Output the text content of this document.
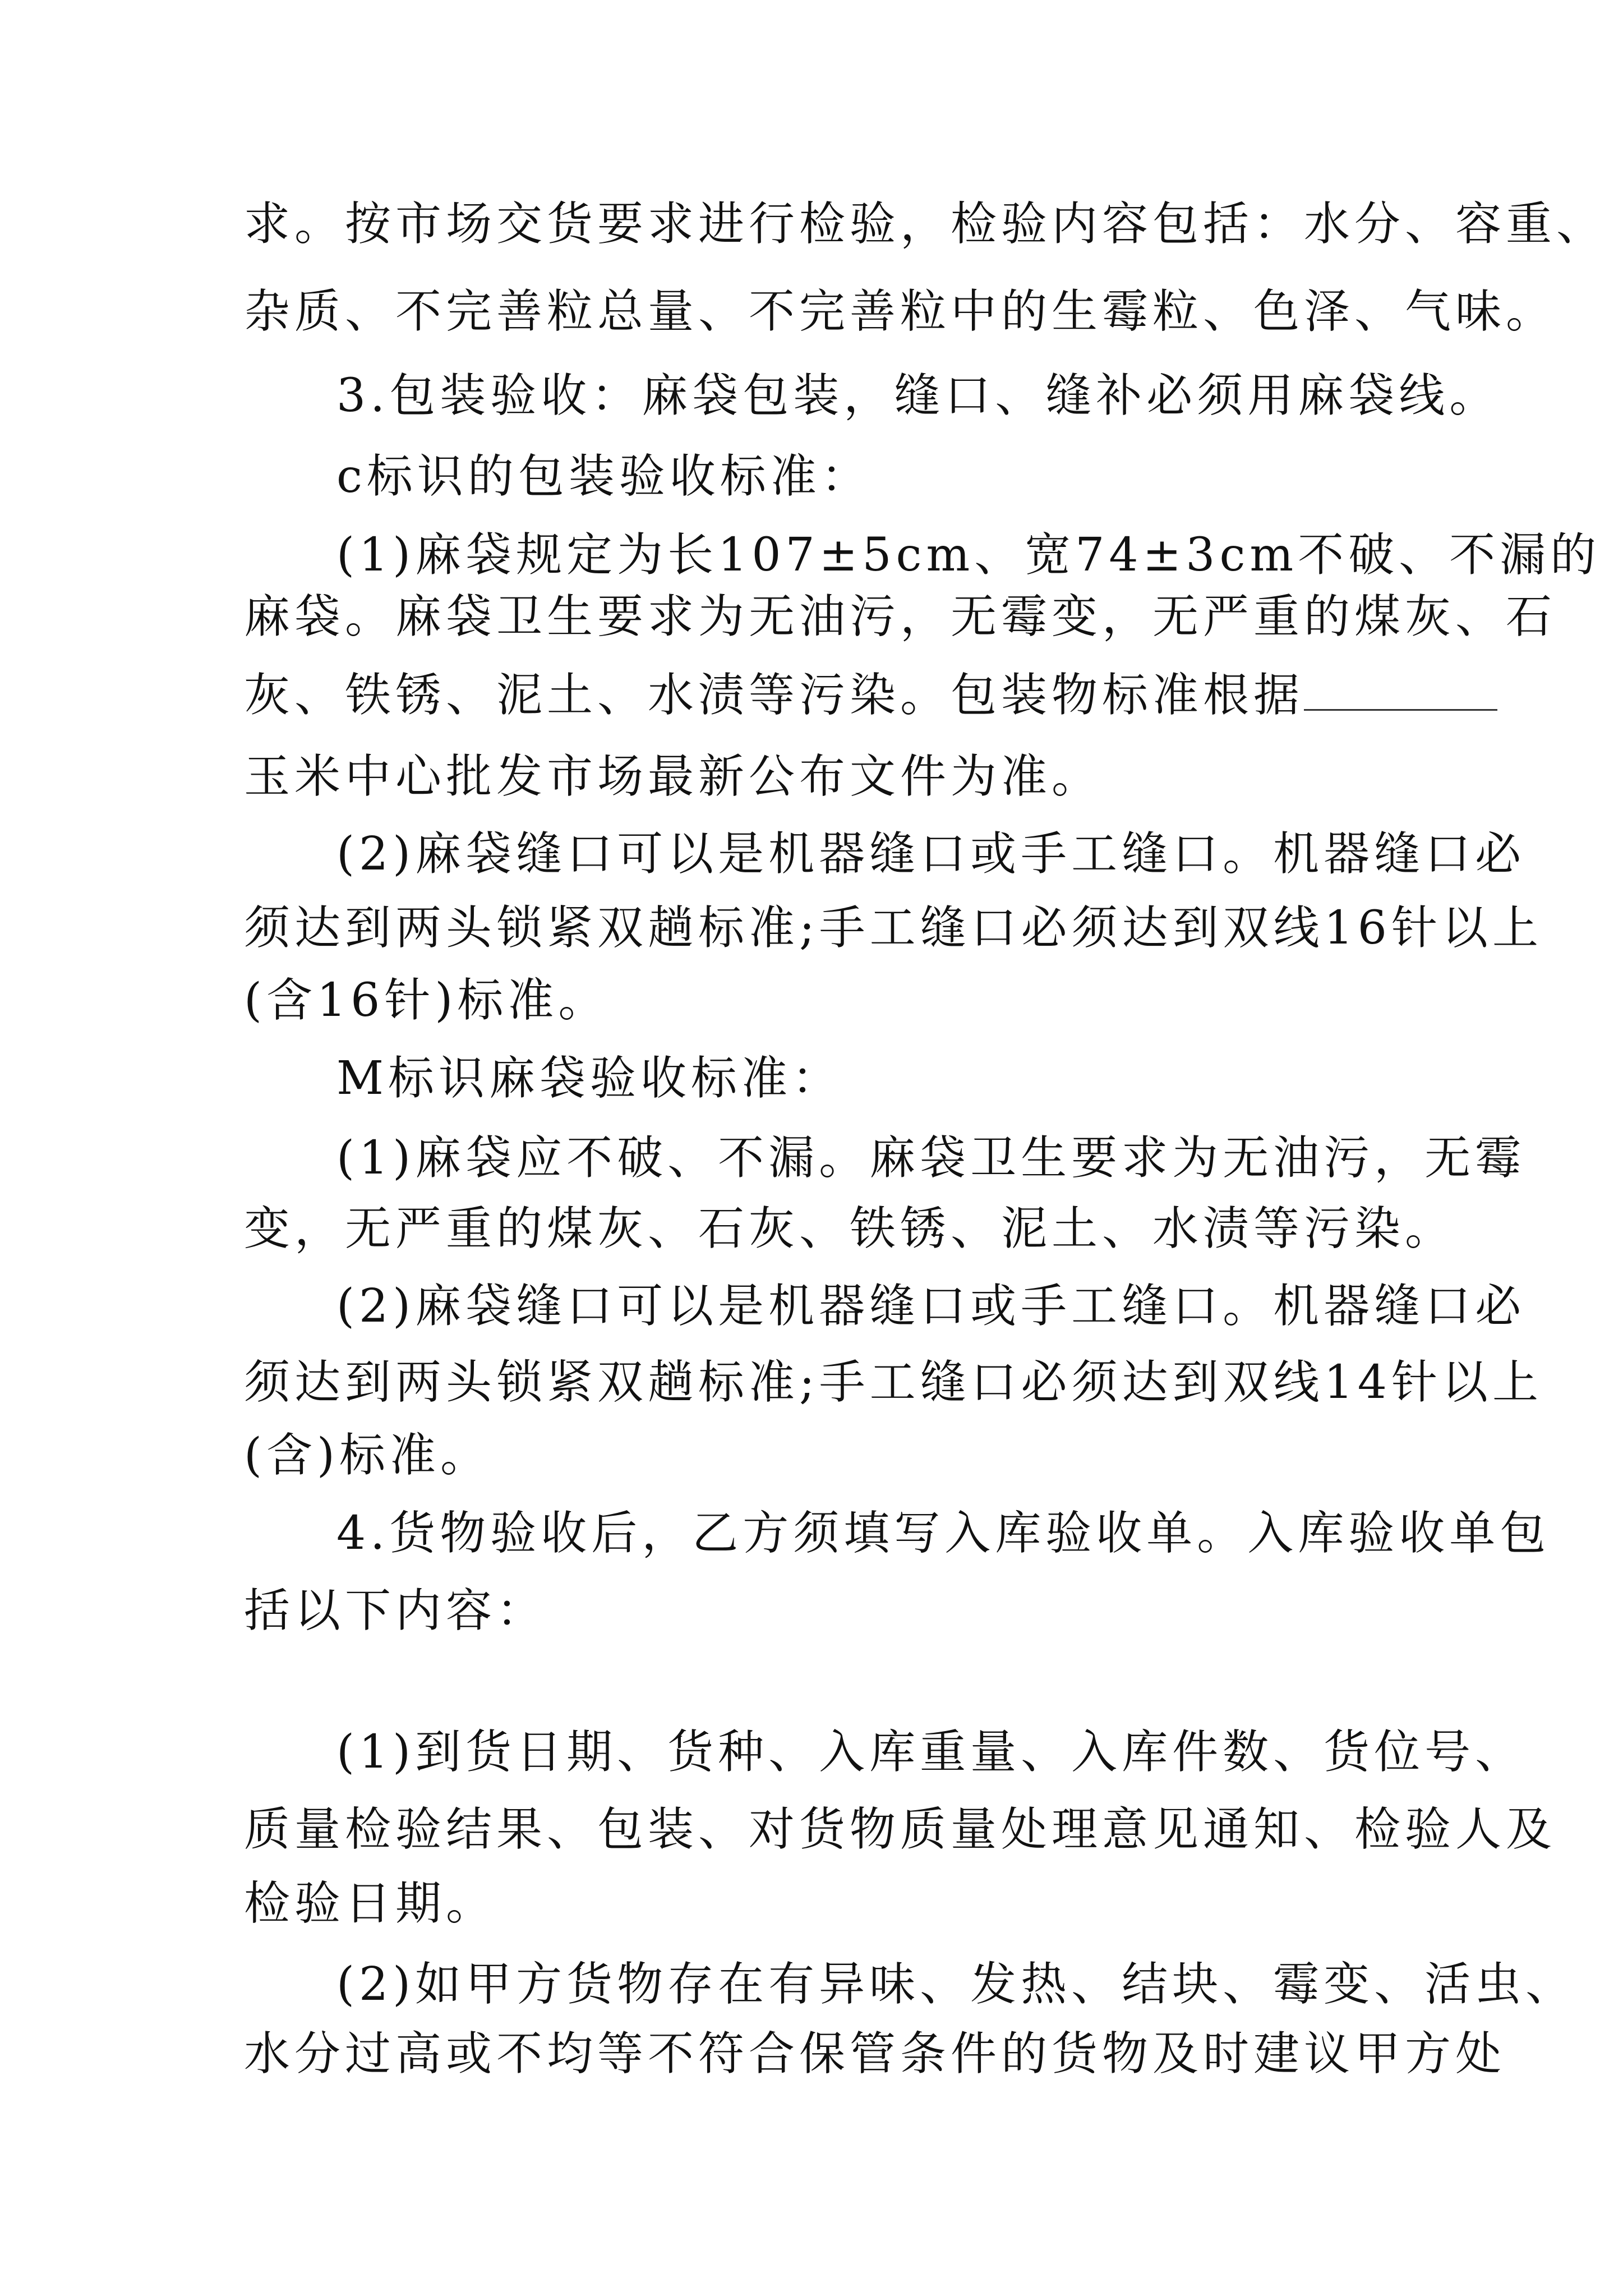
求。按市场交货要求进行检验，检验内容包括：水分、容重、
杂质、不完善粒总量、不完善粒中的生霉粒、色泽、气味。
3.包装验收：麻袋包装，缝口、缝补必须用麻袋线。
c标识的包装验收标准：
(1)麻袋规定为长107±5cm、宽74±3cm不破、不漏的
麻袋。麻袋卫生要求为无油污，无霉变，无严重的煤灰、石
灰、铁锈、泥土、水渍等污染。包装物标准根据
玉米中心批发市场最新公布文件为准。
(2)麻袋缝口可以是机器缝口或手工缝口。机器缝口必
须达到两头锁紧双趟标准;手工缝口必须达到双线16针以上
(含16针)标准。
M标识麻袋验收标准：
(1)麻袋应不破、不漏。麻袋卫生要求为无油污，无霉
变，无严重的煤灰、石灰、铁锈、泥土、水渍等污染。
(2)麻袋缝口可以是机器缝口或手工缝口。机器缝口必
须达到两头锁紧双趟标准;手工缝口必须达到双线14针以上
(含)标准。
4.货物验收后，乙方须填写入库验收单。入库验收单包
括以下内容：
(1)到货日期、货种、入库重量、入库件数、货位号、
质量检验结果、包装、对货物质量处理意见通知、检验人及
检验日期。
(2)如甲方货物存在有异味、发热、结块、霉变、活虫、
水分过高或不均等不符合保管条件的货物及时建议甲方处
